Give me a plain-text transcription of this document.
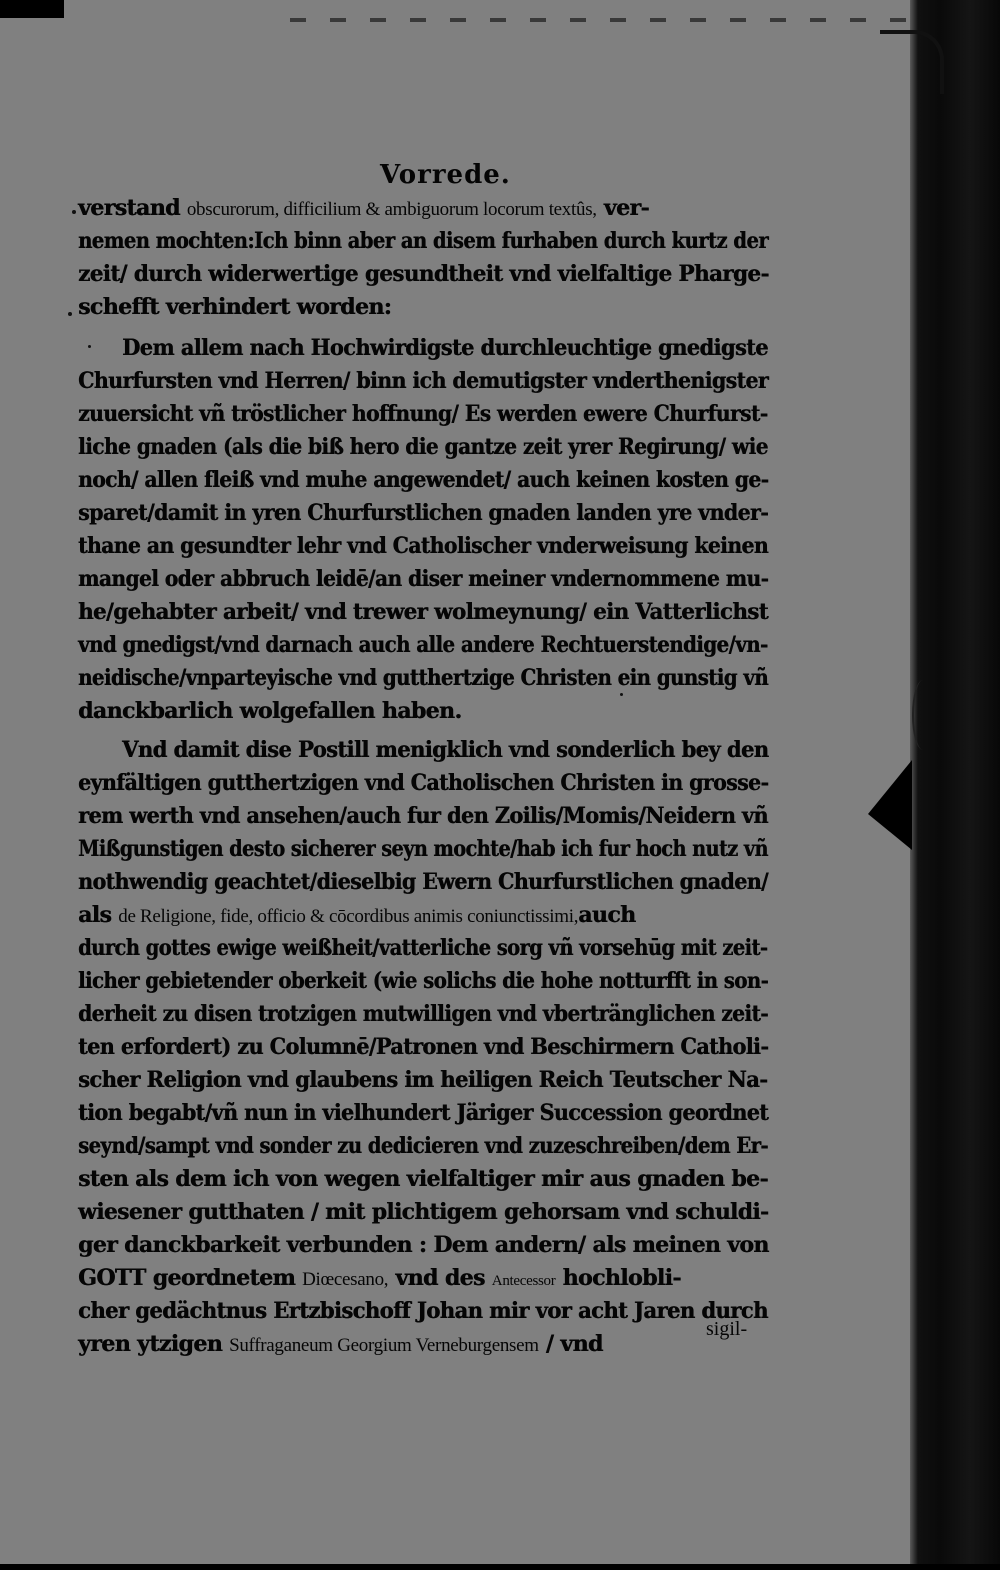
Vorrede.
verstand obscurorum, difficilium & ambiguorum locorum textûs, ver-
nemen mochten:Ich binn aber an disem furhaben durch kurtz der
zeit/ durch widerwertige gesundtheit vnd vielfaltige Pharge-
schefft verhindert worden:
Dem allem nach Hochwirdigste durchleuchtige gnedigste
Churfursten vnd Herren/ binn ich demutigster vnderthenigster
zuuersicht vñ tröstlicher hoffnung/ Es werden ewere Churfurst-
liche gnaden (als die biß hero die gantze zeit yrer Regirung/ wie
noch/ allen fleiß vnd muhe angewendet/ auch keinen kosten ge-
sparet/damit in yren Churfurstlichen gnaden landen yre vnder-
thane an gesundter lehr vnd Catholischer vnderweisung keinen
mangel oder abbruch leidē/an diser meiner vndernommene mu-
he/gehabter arbeit/ vnd trewer wolmeynung/ ein Vatterlichst
vnd gnedigst/vnd darnach auch alle andere Rechtuerstendige/vn-
neidische/vnparteyische vnd gutthertzige Christen ein gunstig vñ
danckbarlich wolgefallen haben.
Vnd damit dise Postill menigklich vnd sonderlich bey den
eynfältigen gutthertzigen vnd Catholischen Christen in grosse-
rem werth vnd ansehen/auch fur den Zoilis/Momis/Neidern vñ
Mißgunstigen desto sicherer seyn mochte/hab ich fur hoch nutz vñ
nothwendig geachtet/dieselbig Ewern Churfurstlichen gnaden/
als de Religione, fide, officio & cōcordibus animis coniunctissimi,auch
durch gottes ewige weißheit/vatterliche sorg vñ vorsehūg mit zeit-
licher gebietender oberkeit (wie solichs die hohe notturfft in son-
derheit zu disen trotzigen mutwilligen vnd vbertränglichen zeit-
ten erfordert) zu Columnē/Patronen vnd Beschirmern Catholi-
scher Religion vnd glaubens im heiligen Reich Teutscher Na-
tion begabt/vñ nun in vielhundert Järiger Succession geordnet
seynd/sampt vnd sonder zu dedicieren vnd zuzeschreiben/dem Er-
sten als dem ich von wegen vielfaltiger mir aus gnaden be-
wiesener gutthaten / mit plichtigem gehorsam vnd schuldi-
ger danckbarkeit verbunden : Dem andern/ als meinen von
GOTT geordnetem Diœcesano, vnd des Antecessor hochlobli-
cher gedächtnus Ertzbischoff Johan mir vor acht Jaren durch
yren ytzigen Suffraganeum Georgium Verneburgensem / vnd
sigil-
